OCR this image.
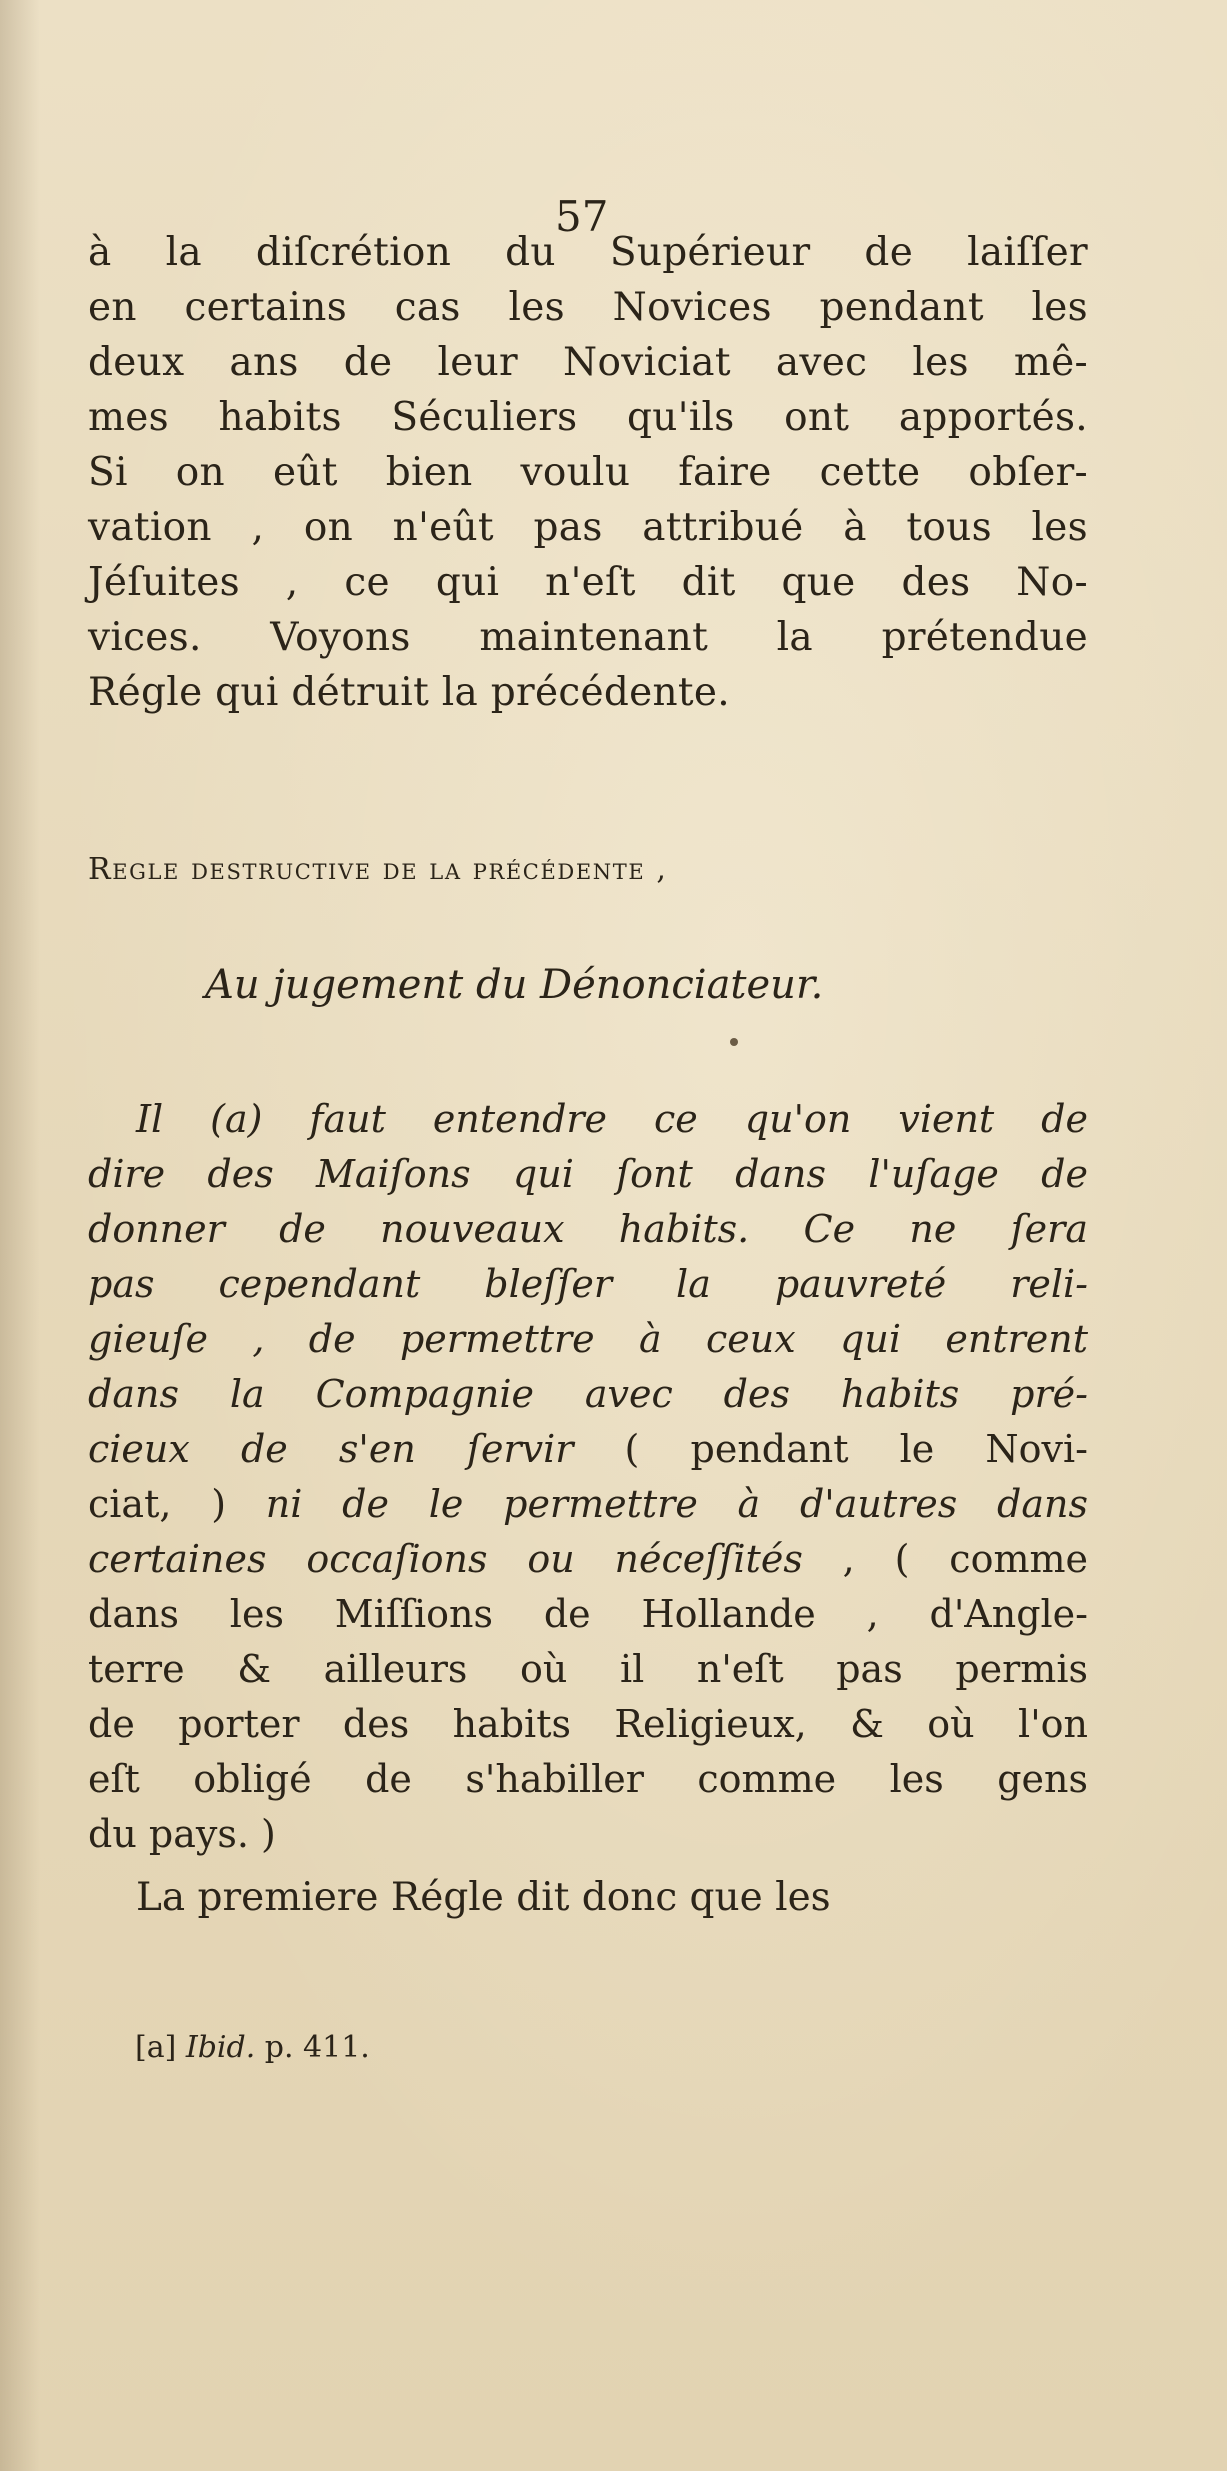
57

à la diſcrétion du Supérieur de laiſſer
en certains cas les Novices pendant les
deux ans de leur Noviciat avec les mê-
mes habits Séculiers qu'ils ont apportés.
Si on eût bien voulu faire cette obſer-
vation , on n'eût pas attribué à tous les
Jéſuites , ce qui n'eſt dit que des No-
vices. Voyons maintenant la prétendue
Régle qui détruit la précédente.

Regle destructive de la précédente ,

Au jugement du Dénonciateur.

Il (a) faut entendre ce qu'on vient de
dire des Maiſons qui ſont dans l'uſage de
donner de nouveaux habits. Ce ne ſera
pas cependant bleſſer la pauvreté reli-
gieuſe , de permettre à ceux qui entrent
dans la Compagnie avec des habits pré-
cieux de s'en ſervir ( pendant le Novi-
ciat, ) ni de le permettre à d'autres dans
certaines occaſions ou néceſſités , ( comme
dans les Miſſions de Hollande , d'Angle-
terre & ailleurs où il n'eſt pas permis
de porter des habits Religieux, & où l'on
eſt obligé de s'habiller comme les gens
du pays. )
La premiere Régle dit donc que les

[a] Ibid. p. 411.
